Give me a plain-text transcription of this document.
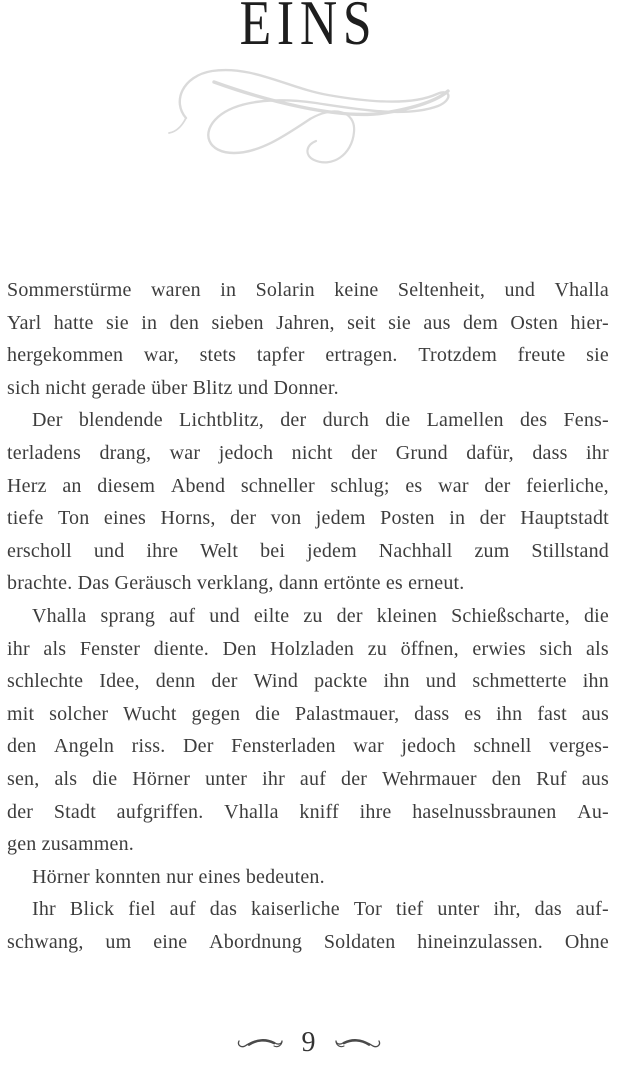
EINS
Sommerstürme waren in Solarin keine Seltenheit, und Vhalla
Yarl hatte sie in den sieben Jahren, seit sie aus dem Osten hier-
hergekommen war, stets tapfer ertragen. Trotzdem freute sie
sich nicht gerade über Blitz und Donner.
Der blendende Lichtblitz, der durch die Lamellen des Fens-
terladens drang, war jedoch nicht der Grund dafür, dass ihr
Herz an diesem Abend schneller schlug; es war der feierliche,
tiefe Ton eines Horns, der von jedem Posten in der Hauptstadt
erscholl und ihre Welt bei jedem Nachhall zum Stillstand
brachte. Das Geräusch verklang, dann ertönte es erneut.
Vhalla sprang auf und eilte zu der kleinen Schießscharte, die
ihr als Fenster diente. Den Holzladen zu öffnen, erwies sich als
schlechte Idee, denn der Wind packte ihn und schmetterte ihn
mit solcher Wucht gegen die Palastmauer, dass es ihn fast aus
den Angeln riss. Der Fensterladen war jedoch schnell verges-
sen, als die Hörner unter ihr auf der Wehrmauer den Ruf aus
der Stadt aufgriffen. Vhalla kniff ihre haselnussbraunen Au-
gen zusammen.
Hörner konnten nur eines bedeuten.
Ihr Blick fiel auf das kaiserliche Tor tief unter ihr, das auf-
schwang, um eine Abordnung Soldaten hineinzulassen. Ohne
9
